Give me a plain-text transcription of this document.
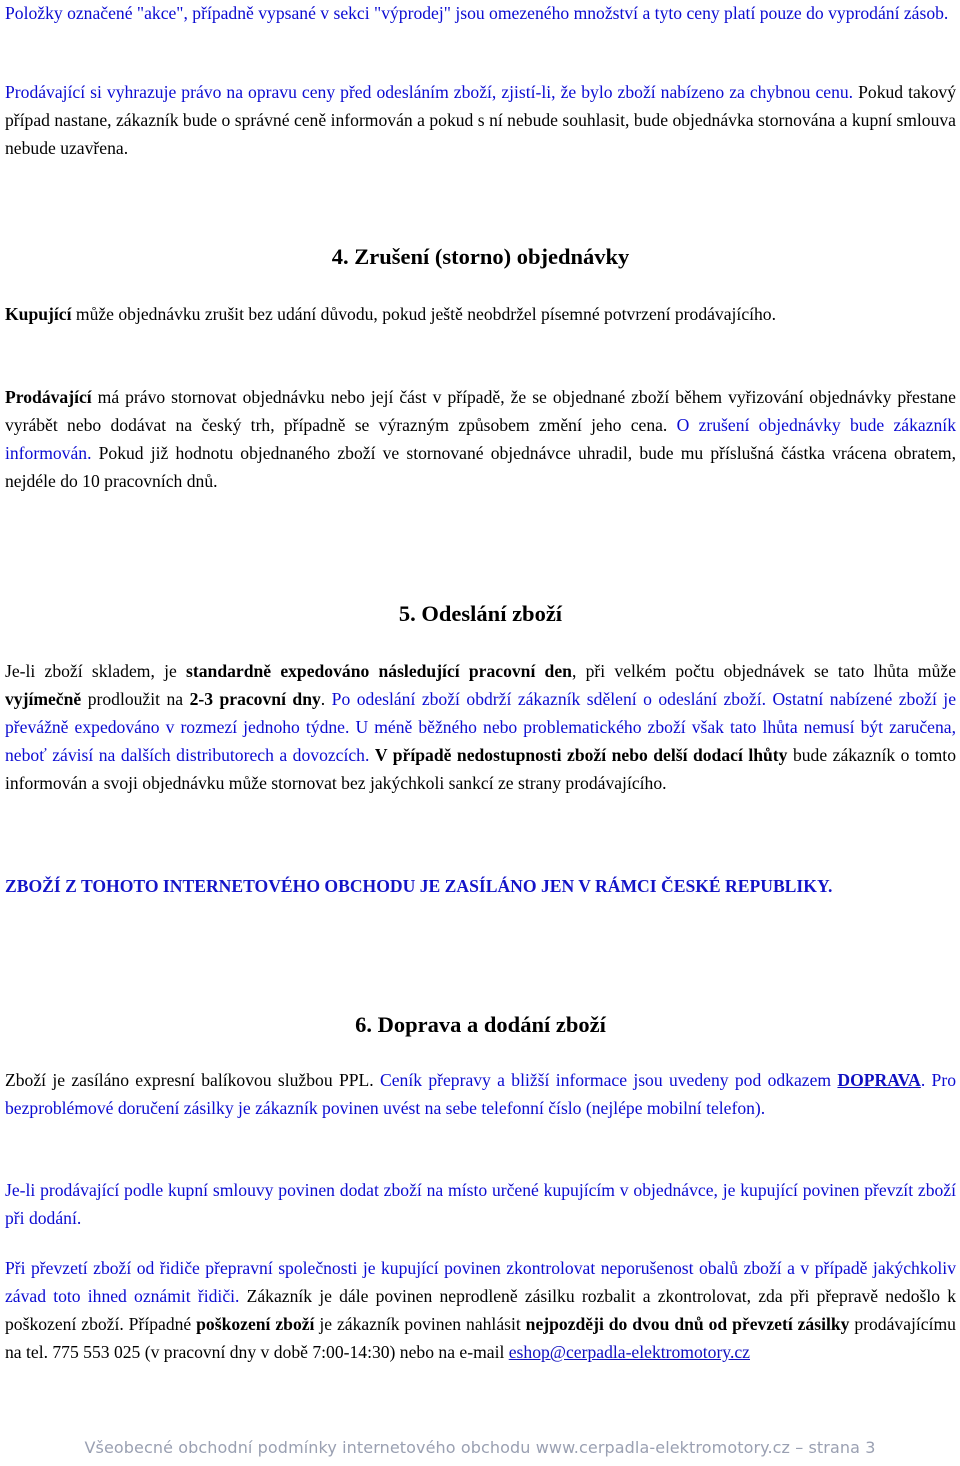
Položky označené "akce", případně vypsané v sekci "výprodej" jsou omezeného množství a tyto ceny platí pouze do vyprodání zásob.

Prodávající si vyhrazuje právo na opravu ceny před odesláním zboží, zjistí-li, že bylo zboží nabízeno za chybnou cenu. Pokud takový případ nastane, zákazník bude o správné ceně informován a pokud s ní nebude souhlasit, bude objednávka stornována a kupní smlouva nebude uzavřena.

4. Zrušení (storno) objednávky

Kupující může objednávku zrušit bez udání důvodu, pokud ještě neobdržel písemné potvrzení prodávajícího.

Prodávající má právo stornovat objednávku nebo její část v případě, že se objednané zboží během vyřizování objednávky přestane vyrábět nebo dodávat na český trh, případně se výrazným způsobem změní jeho cena. O zrušení objednávky bude zákazník informován. Pokud již hodnotu objednaného zboží ve stornované objednávce uhradil, bude mu příslušná částka vrácena obratem, nejdéle do 10 pracovních dnů.

5. Odeslání zboží

Je-li zboží skladem, je standardně expedováno následující pracovní den, při velkém počtu objednávek se tato lhůta může vyjímečně prodloužit na 2-3 pracovní dny. Po odeslání zboží obdrží zákazník sdělení o odeslání zboží. Ostatní nabízené zboží je převážně expedováno v rozmezí jednoho týdne. U méně běžného nebo problematického zboží však tato lhůta nemusí být zaručena, neboť závisí na dalších distributorech a dovozcích. V případě nedostupnosti zboží nebo delší dodací lhůty bude zákazník o tomto informován a svoji objednávku může stornovat bez jakýchkoli sankcí ze strany prodávajícího.

ZBOŽÍ Z TOHOTO INTERNETOVÉHO OBCHODU JE ZASÍLÁNO JEN V RÁMCI ČESKÉ REPUBLIKY.

6. Doprava a dodání zboží

Zboží je zasíláno expresní balíkovou službou PPL. Ceník přepravy a bližší informace jsou uvedeny pod odkazem DOPRAVA. Pro bezproblémové doručení zásilky je zákazník povinen uvést na sebe telefonní číslo (nejlépe mobilní telefon).

Je-li prodávající podle kupní smlouvy povinen dodat zboží na místo určené kupujícím v objednávce, je kupující povinen převzít zboží při dodání.

Při převzetí zboží od řidiče přepravní společnosti je kupující povinen zkontrolovat neporušenost obalů zboží a v případě jakýchkoliv závad toto ihned oznámit řidiči. Zákazník je dále povinen neprodleně zásilku rozbalit a zkontrolovat, zda při přepravě nedošlo k poškození zboží. Případné poškození zboží je zákazník povinen nahlásit nejpozději do dvou dnů od převzetí zásilky prodávajícímu na tel. 775 553 025 (v pracovní dny v době 7:00-14:30) nebo na e-mail eshop@cerpadla-elektromotory.cz

Všeobecné obchodní podmínky internetového obchodu www.cerpadla-elektromotory.cz – strana 3
